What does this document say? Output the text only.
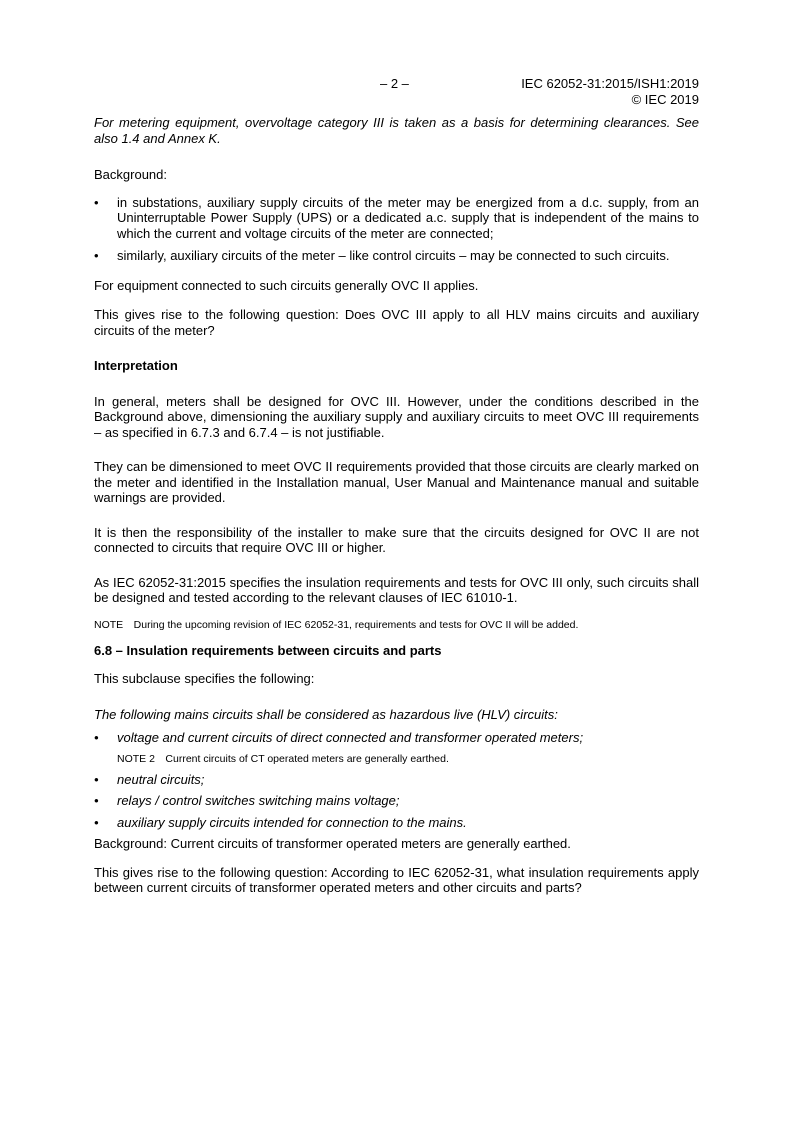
– 2 –	IEC 62052-31:2015/ISH1:2019
© IEC 2019

For metering equipment, overvoltage category III is taken as a basis for determining clearances. See also 1.4 and Annex K.

Background:

• in substations, auxiliary supply circuits of the meter may be energized from a d.c. supply, from an Uninterruptable Power Supply (UPS) or a dedicated a.c. supply that is independent of the mains to which the current and voltage circuits of the meter are connected;
• similarly, auxiliary circuits of the meter – like control circuits – may be connected to such circuits.

For equipment connected to such circuits generally OVC II applies.

This gives rise to the following question: Does OVC III apply to all HLV mains circuits and auxiliary circuits of the meter?

Interpretation

In general, meters shall be designed for OVC III. However, under the conditions described in the Background above, dimensioning the auxiliary supply and auxiliary circuits to meet OVC III requirements – as specified in 6.7.3 and 6.7.4 – is not justifiable.

They can be dimensioned to meet OVC II requirements provided that those circuits are clearly marked on the meter and identified in the Installation manual, User Manual and Maintenance manual and suitable warnings are provided.

It is then the responsibility of the installer to make sure that the circuits designed for OVC II are not connected to circuits that require OVC III or higher.

As IEC 62052-31:2015 specifies the insulation requirements and tests for OVC III only, such circuits shall be designed and tested according to the relevant clauses of IEC 61010-1.

NOTE During the upcoming revision of IEC 62052-31, requirements and tests for OVC II will be added.

6.8 – Insulation requirements between circuits and parts

This subclause specifies the following:

The following mains circuits shall be considered as hazardous live (HLV) circuits:

• voltage and current circuits of direct connected and transformer operated meters;

NOTE 2 Current circuits of CT operated meters are generally earthed.

• neutral circuits;
• relays / control switches switching mains voltage;
• auxiliary supply circuits intended for connection to the mains.

Background: Current circuits of transformer operated meters are generally earthed.

This gives rise to the following question: According to IEC 62052-31, what insulation requirements apply between current circuits of transformer operated meters and other circuits and parts?
